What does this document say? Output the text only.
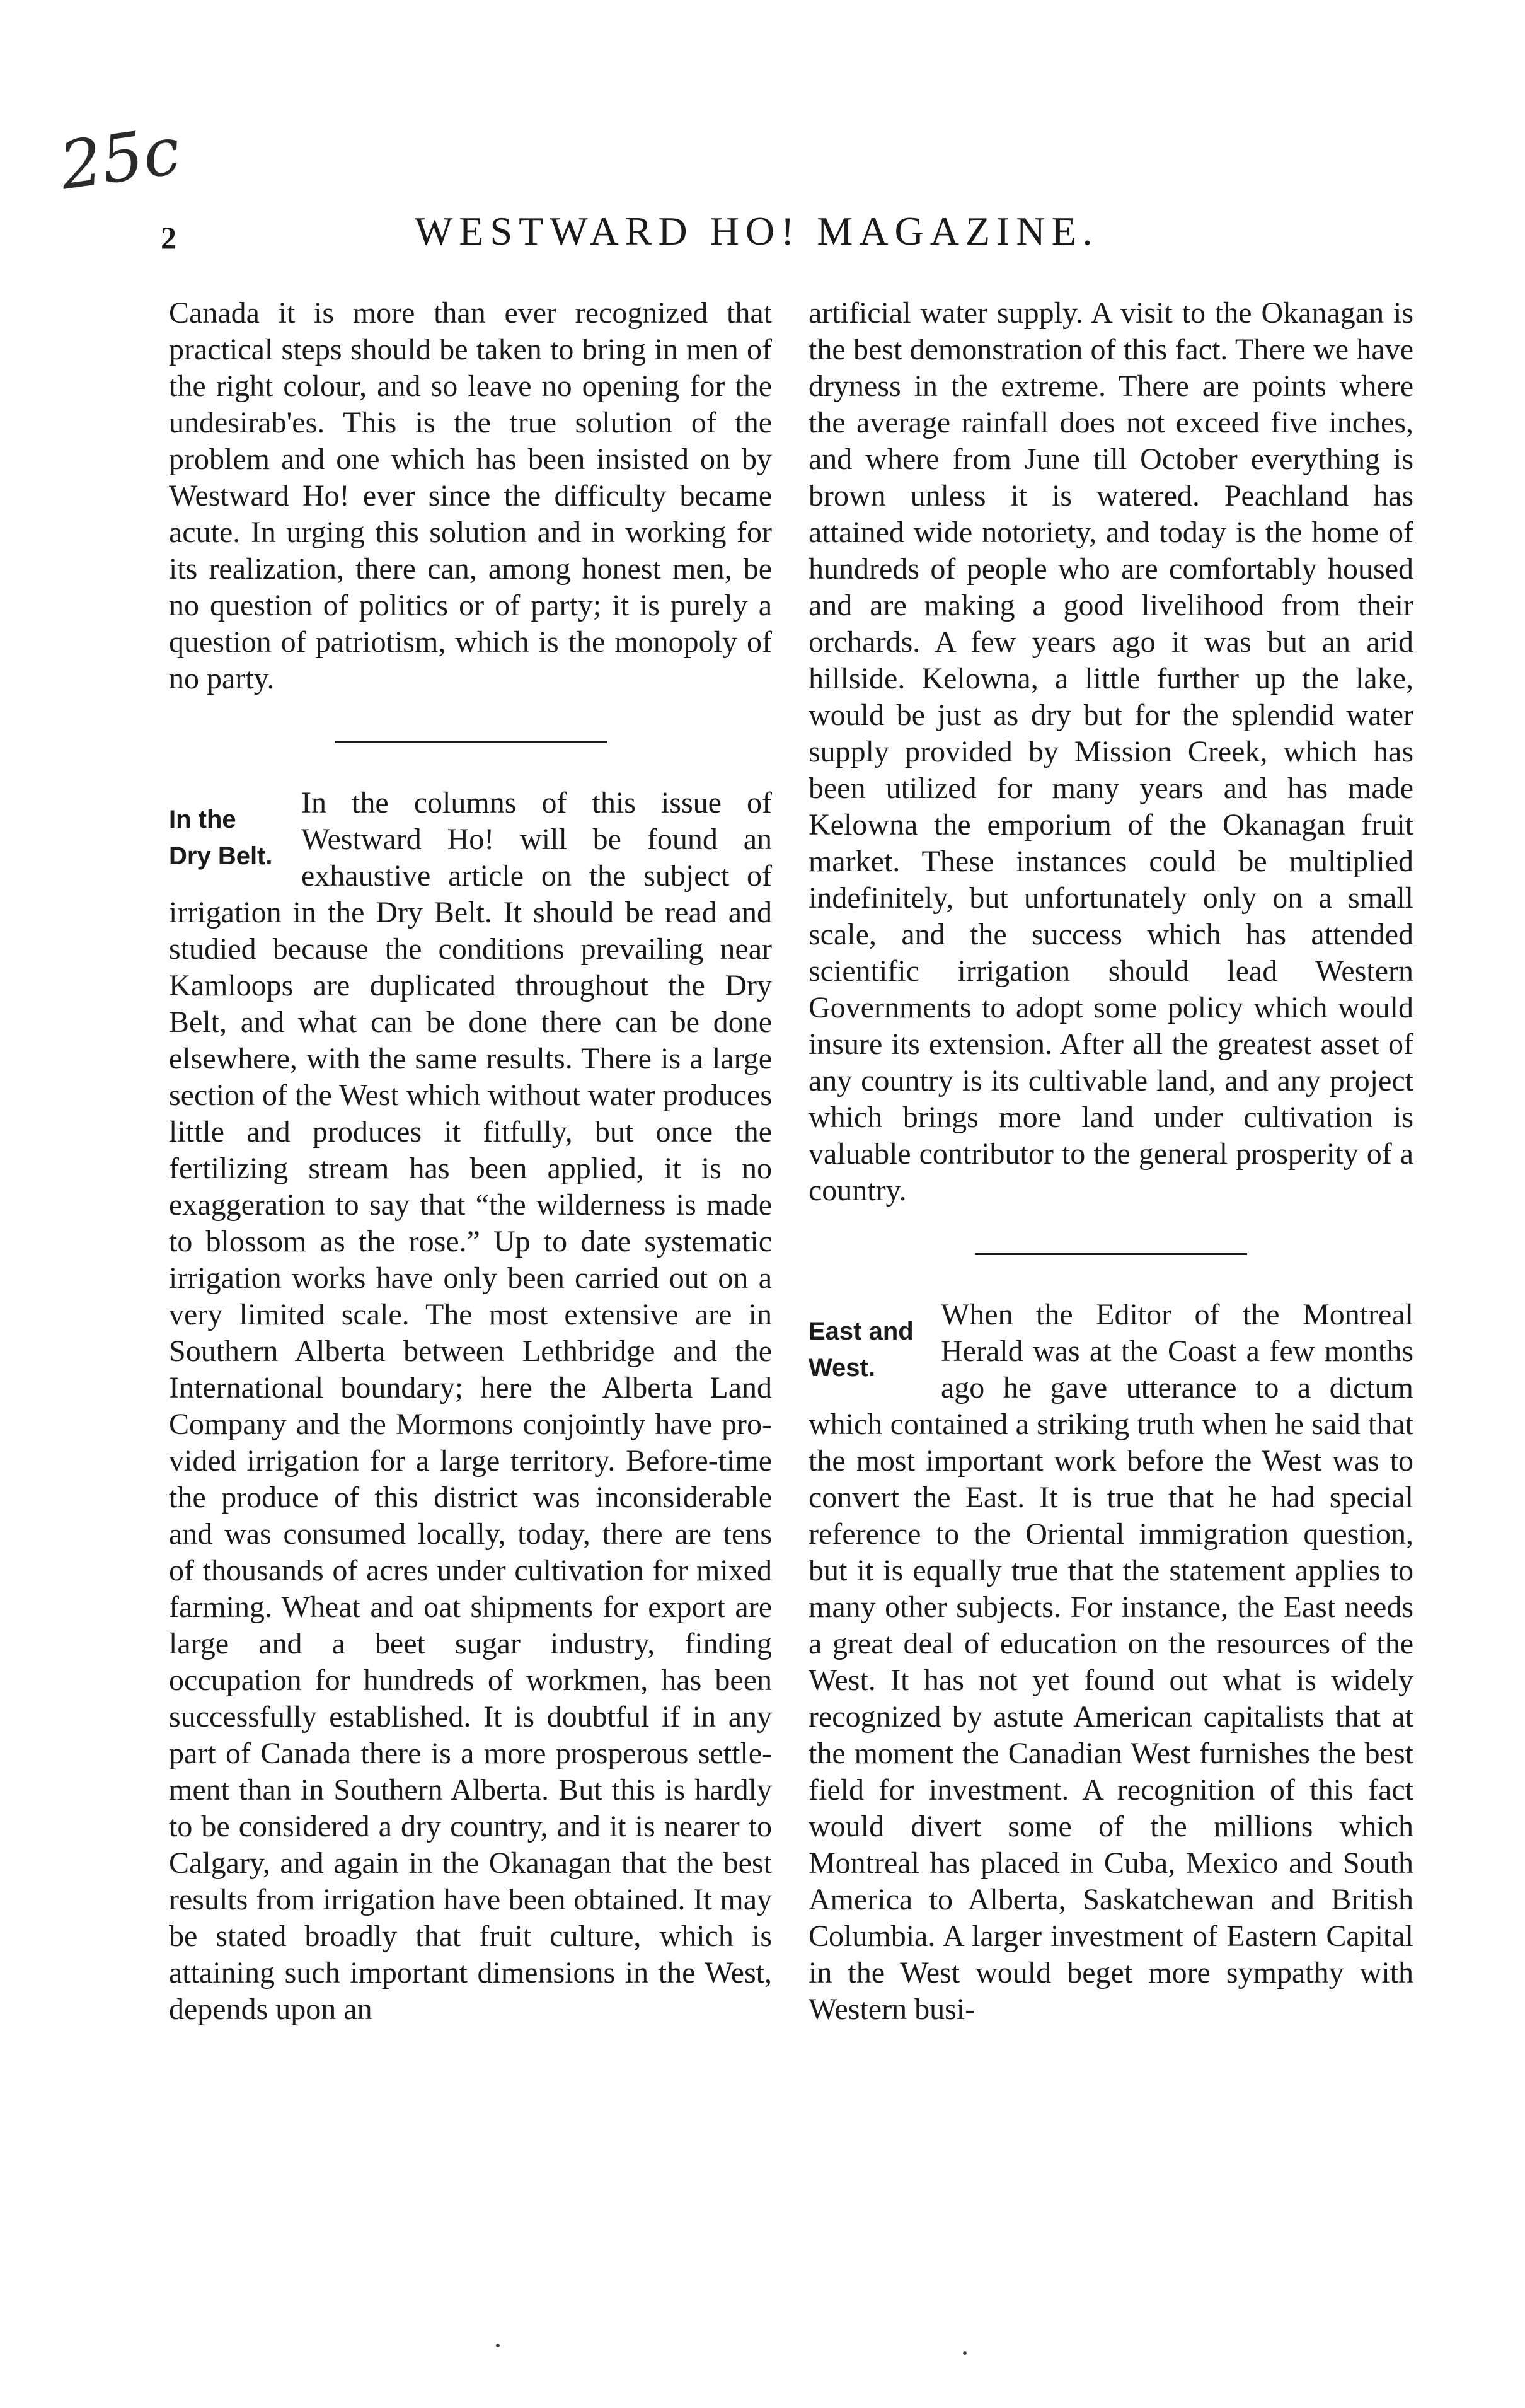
25c
2	WESTWARD HO! MAGAZINE.

Canada it is more than ever recognized that practical steps should be taken to bring in men of the right colour, and so leave no opening for the undesirab'es. This is the true solution of the problem and one which has been insisted on by Westward Ho! ever since the difficulty became acute. In urging this solution and in working for its realization, there can, among honest men, be no question of politics or of party; it is purely a question of patriotism, which is the monopoly of no party.

In the
Dry Belt.

In the columns of this issue of Westward Ho! will be found an exhaustive article on the subject of irrigation in the Dry Belt. It should be read and studied because the conditions prevailing near Kamloops are duplicated throughout the Dry Belt, and what can be done there can be done elsewhere, with the same results. There is a large section of the West which without water produces little and produces it fitfully, but once the fertilizing stream has been applied, it is no exaggeration to say that “the wilderness is made to blossom as the rose.” Up to date systematic irrigation works have only been carried out on a very limited scale. The most extensive are in Southern Alberta between Lethbridge and the International boundary; here the Alberta Land Company and the Mormons conjointly have provided irrigation for a large territory. Before-time the produce of this district was inconsiderable and was consumed locally, today, there are tens of thousands of acres under cultivation for mixed farming. Wheat and oat shipments for export are large and a beet sugar industry, finding occupation for hundreds of workmen, has been successfully established. It is doubtful if in any part of Canada there is a more prosperous settlement than in Southern Alberta. But this is hardly to be considered a dry country, and it is nearer to Calgary, and again in the Okanagan that the best results from irrigation have been obtained. It may be stated broadly that fruit culture, which is attaining such important dimensions in the West, depends upon an

artificial water supply. A visit to the Okanagan is the best demonstration of this fact. There we have dryness in the extreme. There are points where the average rainfall does not exceed five inches, and where from June till October everything is brown unless it is watered. Peachland has attained wide notoriety, and today is the home of hundreds of people who are comfortably housed and are making a good livelihood from their orchards. A few years ago it was but an arid hillside. Kelowna, a little further up the lake, would be just as dry but for the splendid water supply provided by Mission Creek, which has been utilized for many years and has made Kelowna the emporium of the Okanagan fruit market. These instances could be multiplied indefinitely, but unfortunately only on a small scale, and the success which has attended scientific irrigation should lead Western Governments to adopt some policy which would insure its extension. After all the greatest asset of any country is its cultivable land, and any project which brings more land under cultivation is valuable contributor to the general prosperity of a country.

East and
West.

When the Editor of the Montreal Herald was at the Coast a few months ago he gave utterance to a dictum which contained a striking truth when he said that the most important work before the West was to convert the East. It is true that he had special reference to the Oriental immigration question, but it is equally true that the statement applies to many other subjects. For instance, the East needs a great deal of education on the resources of the West. It has not yet found out what is widely recognized by astute American capitalists that at the moment the Canadian West furnishes the best field for investment. A recognition of this fact would divert some of the millions which Montreal has placed in Cuba, Mexico and South America to Alberta, Saskatchewan and British Columbia. A larger investment of Eastern Capital in the West would beget more sympathy with Western busi-
